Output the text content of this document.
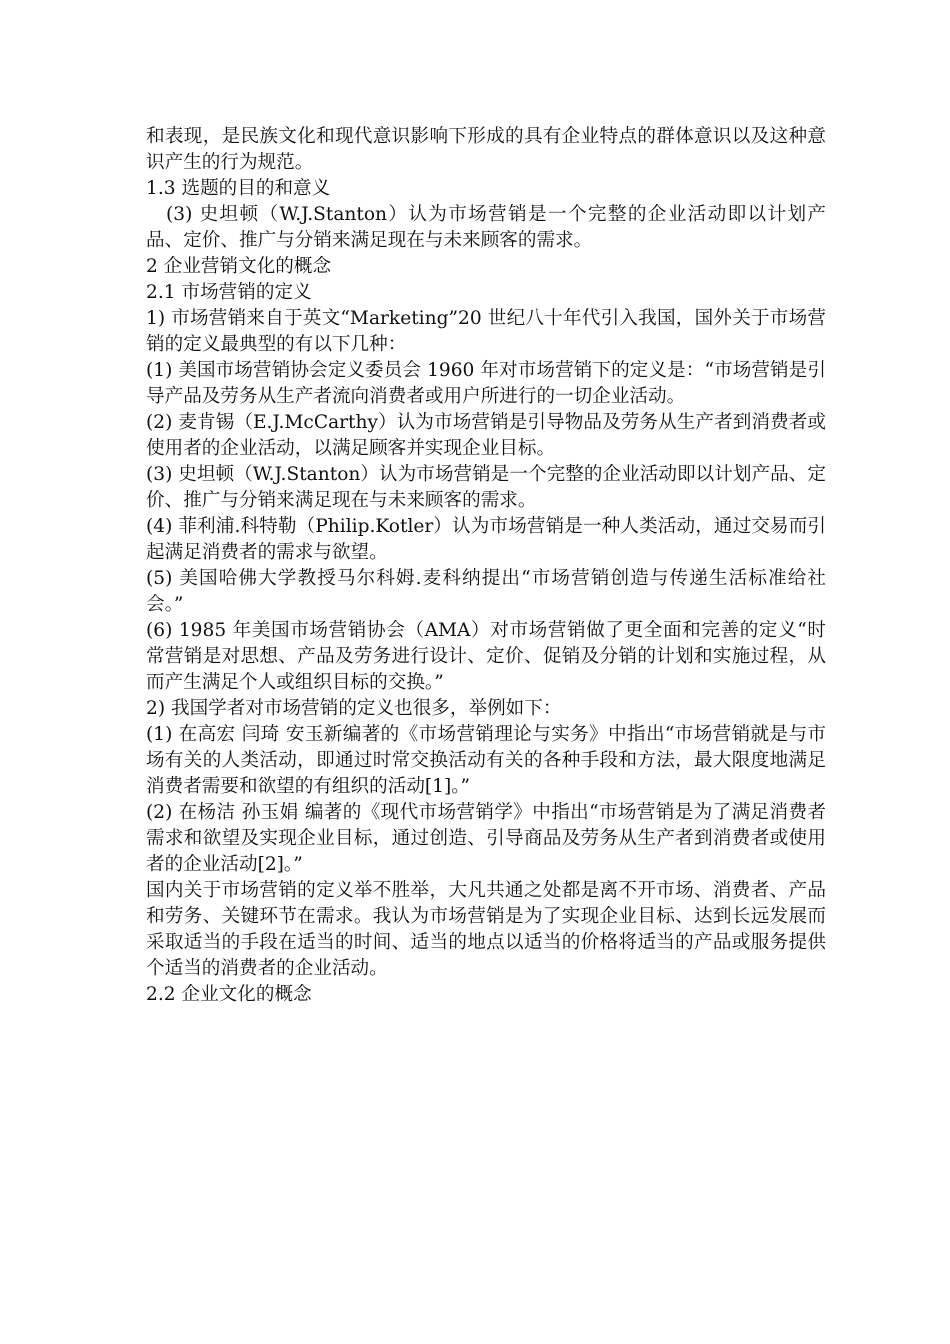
和表现，是民族文化和现代意识影响下形成的具有企业特点的群体意识以及这种意识产生的行为规范。

1.3 选题的目的和意义

(3) 史坦顿（W.J.Stanton）认为市场营销是一个完整的企业活动即以计划产品、定价、推广与分销来满足现在与未来顾客的需求。

2 企业营销文化的概念

2.1 市场营销的定义

1) 市场营销来自于英文“Marketing”20 世纪八十年代引入我国，国外关于市场营销的定义最典型的有以下几种：

(1) 美国市场营销协会定义委员会 1960 年对市场营销下的定义是：“市场营销是引导产品及劳务从生产者流向消费者或用户所进行的一切企业活动。

(2) 麦肯锡（E.J.McCarthy）认为市场营销是引导物品及劳务从生产者到消费者或使用者的企业活动，以满足顾客并实现企业目标。

(3) 史坦顿（W.J.Stanton）认为市场营销是一个完整的企业活动即以计划产品、定价、推广与分销来满足现在与未来顾客的需求。

(4) 菲利浦.科特勒（Philip.Kotler）认为市场营销是一种人类活动，通过交易而引起满足消费者的需求与欲望。

(5) 美国哈佛大学教授马尔科姆.麦科纳提出“市场营销创造与传递生活标准给社会。”

(6) 1985 年美国市场营销协会（AMA）对市场营销做了更全面和完善的定义“时常营销是对思想、产品及劳务进行设计、定价、促销及分销的计划和实施过程，从而产生满足个人或组织目标的交换。”

2) 我国学者对市场营销的定义也很多，举例如下：

(1) 在高宏 闫琦 安玉新编著的《市场营销理论与实务》中指出“市场营销就是与市场有关的人类活动，即通过时常交换活动有关的各种手段和方法，最大限度地满足消费者需要和欲望的有组织的活动[1]。”

(2) 在杨洁 孙玉娟 编著的《现代市场营销学》中指出“市场营销是为了满足消费者需求和欲望及实现企业目标，通过创造、引导商品及劳务从生产者到消费者或使用者的企业活动[2]。”

国内关于市场营销的定义举不胜举，大凡共通之处都是离不开市场、消费者、产品和劳务、关键环节在需求。我认为市场营销是为了实现企业目标、达到长远发展而采取适当的手段在适当的时间、适当的地点以适当的价格将适当的产品或服务提供个适当的消费者的企业活动。

2.2 企业文化的概念
